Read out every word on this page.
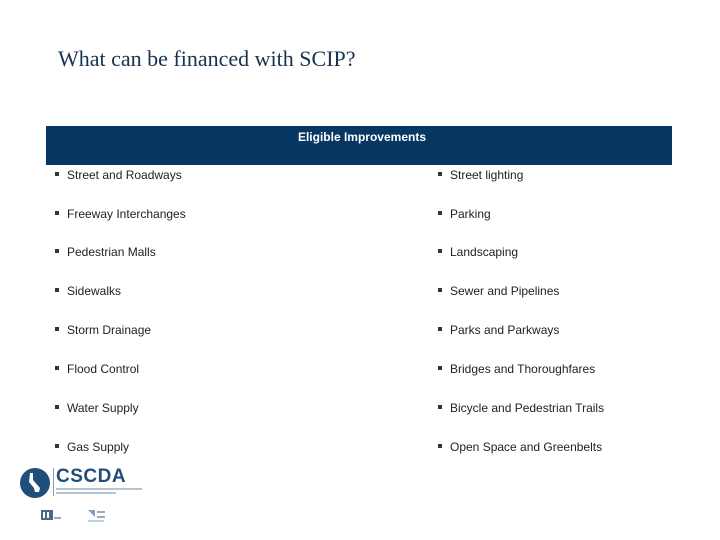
What can be financed with SCIP?
Eligible Improvements
Street and Roadways	Street lighting
Freeway Interchanges	Parking
Pedestrian Malls	Landscaping
Sidewalks	Sewer and Pipelines
Storm Drainage	Parks and Parkways
Flood Control	Bridges and Thoroughfares
Water Supply	Bicycle and Pedestrian Trails
Gas Supply	Open Space and Greenbelts
CSCDA
